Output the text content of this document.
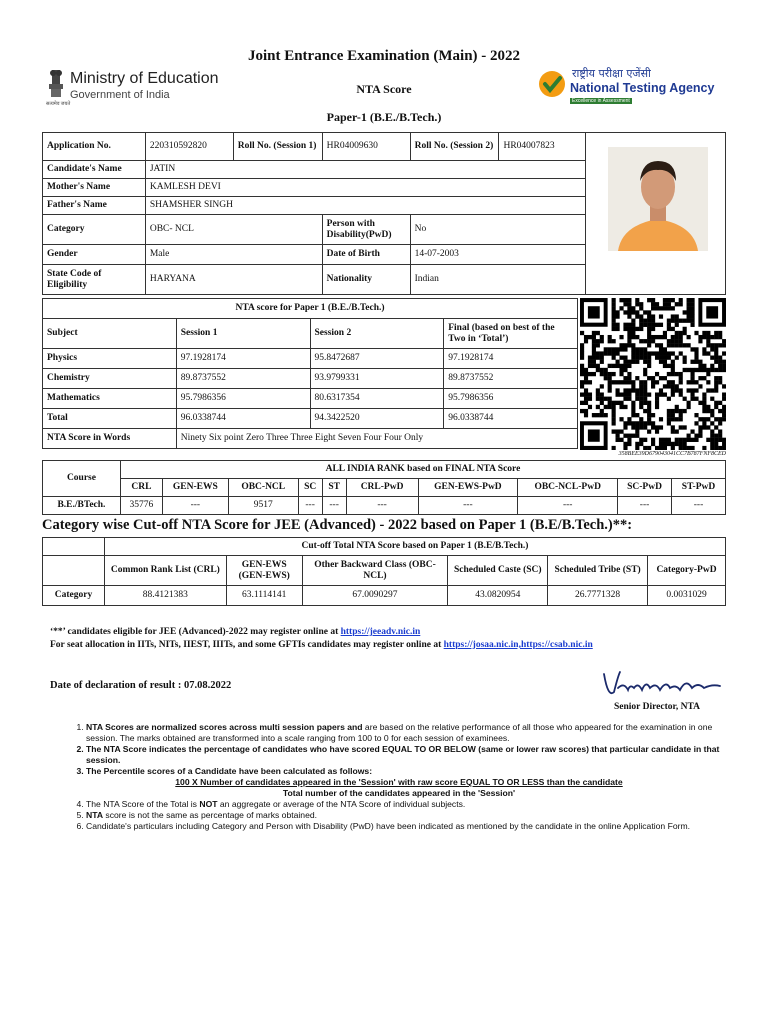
Ministry of Education
Government of India
सत्यमेव जयते
Joint Entrance Examination (Main) - 2022
NTA Score
Paper-1 (B.E./B.Tech.)
राष्ट्रीय परीक्षा एजेंसी
National Testing Agency
Excellence in Assessment
Application No.	220310592820	Roll No. (Session 1)	HR04009630	Roll No. (Session 2)	HR04007823	

Candidate's Name	JATIN					
Mother's Name	KAMLESH DEVI					
Father's Name	SHAMSHER SINGH					
Category	OBC- NCL		Person with Disability(PwD)	No		
Gender	Male		Date of Birth	14-07-2003		
State Code of Eligibility	HARYANA		Nationality	Indian		
NTA score for Paper 1 (B.E./B.Tech.)			
Subject	Session 1	Session 2	Final (based on best of the Two in ‘Total’)
Physics	97.1928174	95.8472687	97.1928174
Chemistry	89.8737552	93.9799331	89.8737552
Mathematics	95.7986356	80.6317354	95.7986356
Total	96.0338744	94.3422520	96.0338744
NTA Score in Words	Ninety Six point Zero Three Three Eight Seven Four Four Only		
358BEE39D679043041CC7B787FNF8CED
Course	ALL INDIA RANK based on FINAL NTA Score									
	CRL	GEN-EWS	OBC-NCL	SC	ST	CRL-PwD	GEN-EWS-PwD	OBC-NCL-PwD	SC-PwD	ST-PwD
B.E./BTech.	35776	---	9517	---	---	---	---	---	---	---
Category wise Cut-off NTA Score for JEE (Advanced) - 2022 based on Paper 1 (B.E/B.Tech.)**:
	Cut-off Total NTA Score based on Paper 1 (B.E/B.Tech.)					
	Common Rank List (CRL)	GEN-EWS (GEN-EWS)	Other Backward Class (OBC-NCL)	Scheduled Caste (SC)	Scheduled Tribe (ST)	Category-PwD
Category	88.4121383	63.1114141	67.0090297	43.0820954	26.7771328	0.0031029
‘**’ candidates eligible for JEE (Advanced)-2022 may register online at https://jeeadv.nic.in
For seat allocation in IITs, NITs, IIEST, IIITs, and some GFTIs candidates may register online at https://josaa.nic.in,https://csab.nic.in
Date of declaration of result : 07.08.2022
Senior Director, NTA
1. NTA Scores are normalized scores across multi session papers and are based on the relative performance of all those who appeared for the examination in one session. The marks obtained are transformed into a scale ranging from 100 to 0 for each session of examinees.
2. The NTA Score indicates the percentage of candidates who have scored EQUAL TO OR BELOW (same or lower raw scores) that particular candidate in that session.
3. The Percentile scores of a Candidate have been calculated as follows:
100 X Number of candidates appeared in the 'Session' with raw score EQUAL TO OR LESS than the candidate
Total number of the candidates appeared in the 'Session'
4. The NTA Score of the Total is NOT an aggregate or average of the NTA Score of individual subjects.
5. NTA score is not the same as percentage of marks obtained.
6. Candidate's particulars including Category and Person with Disability (PwD) have been indicated as mentioned by the candidate in the online Application Form.
